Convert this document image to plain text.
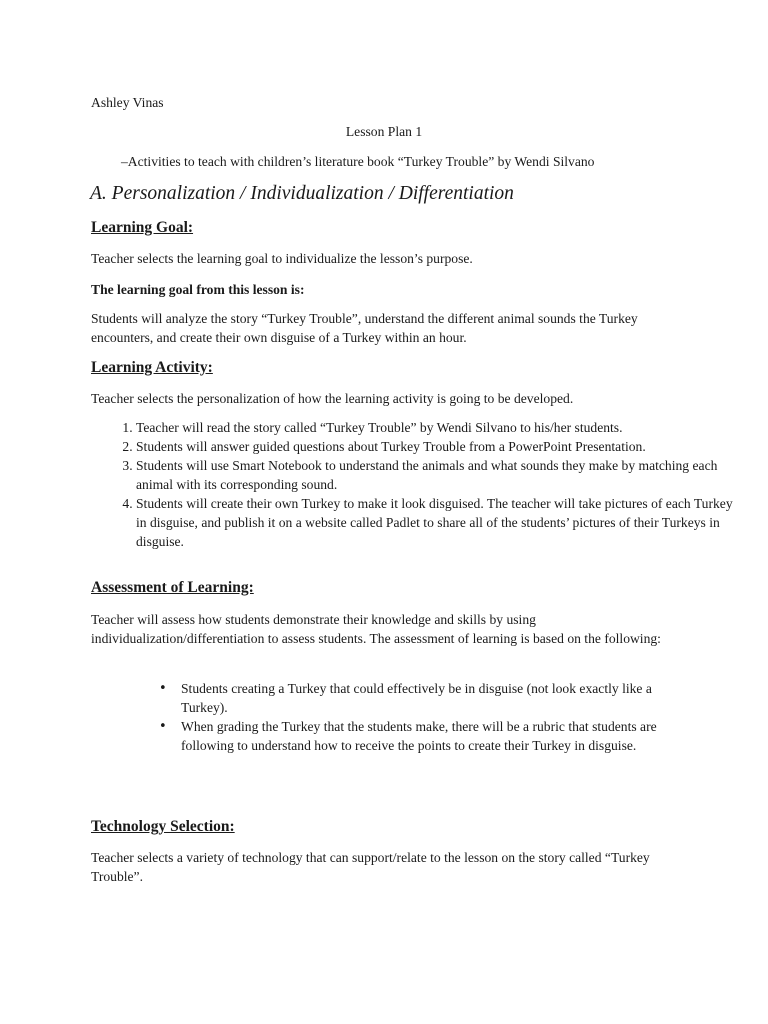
Ashley Vinas
Lesson Plan 1
–Activities to teach with children’s literature book “Turkey Trouble” by Wendi Silvano
A. Personalization / Individualization / Differentiation
Learning Goal:
Teacher selects the learning goal to individualize the lesson’s purpose.
The learning goal from this lesson is:
Students will analyze the story “Turkey Trouble”, understand the different animal sounds the Turkey encounters, and create their own disguise of a Turkey within an hour.
Learning Activity:
Teacher selects the personalization of how the learning activity is going to be developed.
1. Teacher will read the story called “Turkey Trouble” by Wendi Silvano to his/her students.
2. Students will answer guided questions about Turkey Trouble from a PowerPoint Presentation.
3. Students will use Smart Notebook to understand the animals and what sounds they make by matching each animal with its corresponding sound.
4. Students will create their own Turkey to make it look disguised. The teacher will take pictures of each Turkey in disguise, and publish it on a website called Padlet to share all of the students’ pictures of their Turkeys in disguise.
Assessment of Learning:
Teacher will assess how students demonstrate their knowledge and skills by using individualization/differentiation to assess students. The assessment of learning is based on the following:
• Students creating a Turkey that could effectively be in disguise (not look exactly like a Turkey).
• When grading the Turkey that the students make, there will be a rubric that students are following to understand how to receive the points to create their Turkey in disguise.
Technology Selection:
Teacher selects a variety of technology that can support/relate to the lesson on the story called “Turkey Trouble”.
